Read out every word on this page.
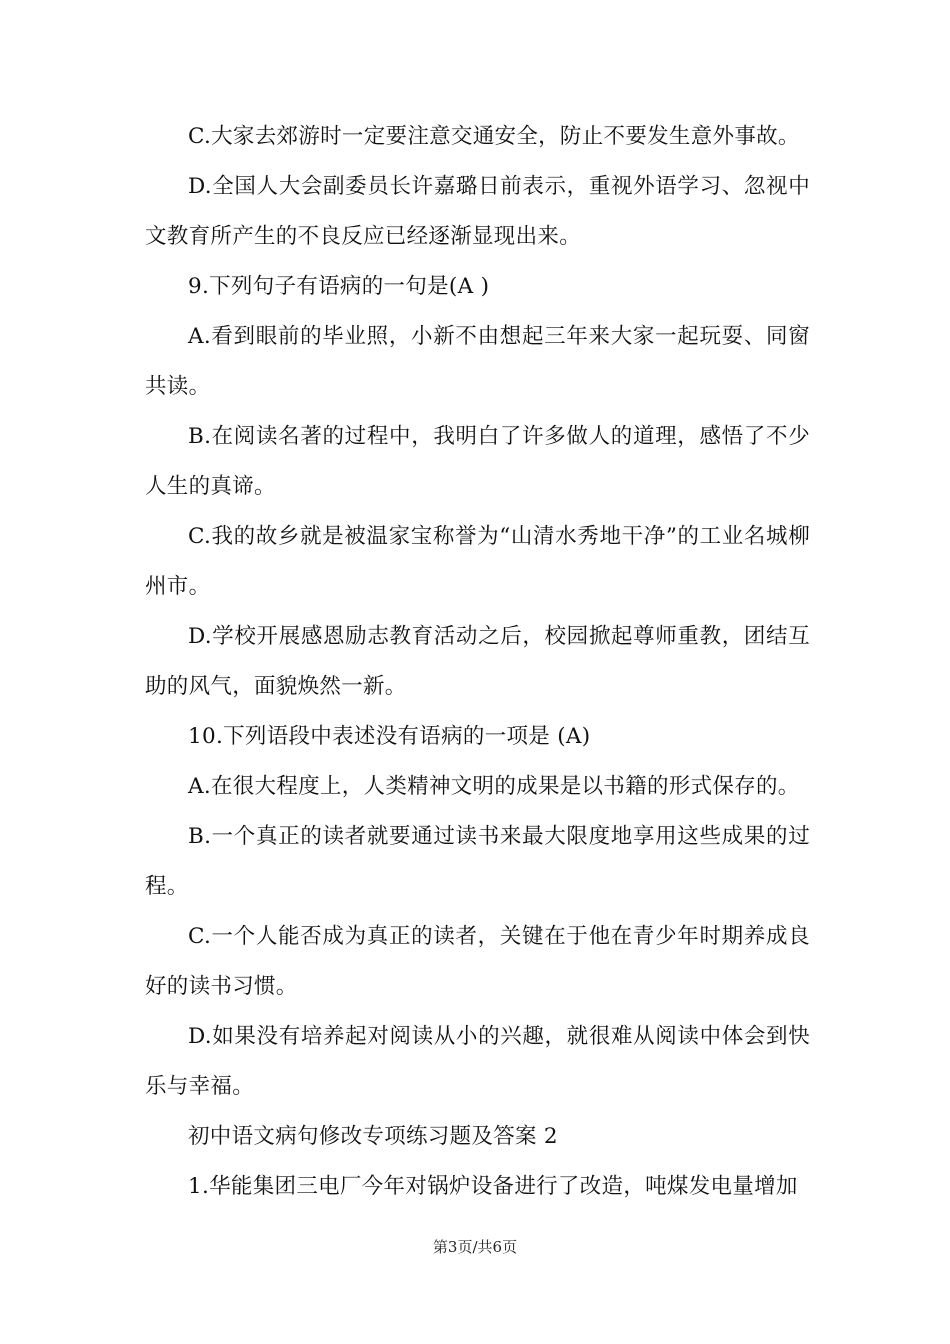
C.大家去郊游时一定要注意交通安全，防止不要发生意外事故。

D.全国人大会副委员长许嘉璐日前表示，重视外语学习、忽视中文教育所产生的不良反应已经逐渐显现出来。

9.下列句子有语病的一句是(A )

A.看到眼前的毕业照，小新不由想起三年来大家一起玩耍、同窗共读。

B.在阅读名著的过程中，我明白了许多做人的道理，感悟了不少人生的真谛。

C.我的故乡就是被温家宝称誉为“山清水秀地干净”的工业名城柳州市。

D.学校开展感恩励志教育活动之后，校园掀起尊师重教，团结互助的风气，面貌焕然一新。

10.下列语段中表述没有语病的一项是 (A)

A.在很大程度上，人类精神文明的成果是以书籍的形式保存的。

B.一个真正的读者就要通过读书来最大限度地享用这些成果的过程。

C.一个人能否成为真正的读者，关键在于他在青少年时期养成良好的读书习惯。

D.如果没有培养起对阅读从小的兴趣，就很难从阅读中体会到快乐与幸福。

初中语文病句修改专项练习题及答案 2

1.华能集团三电厂今年对锅炉设备进行了改造，吨煤发电量增加

第3页/共6页
